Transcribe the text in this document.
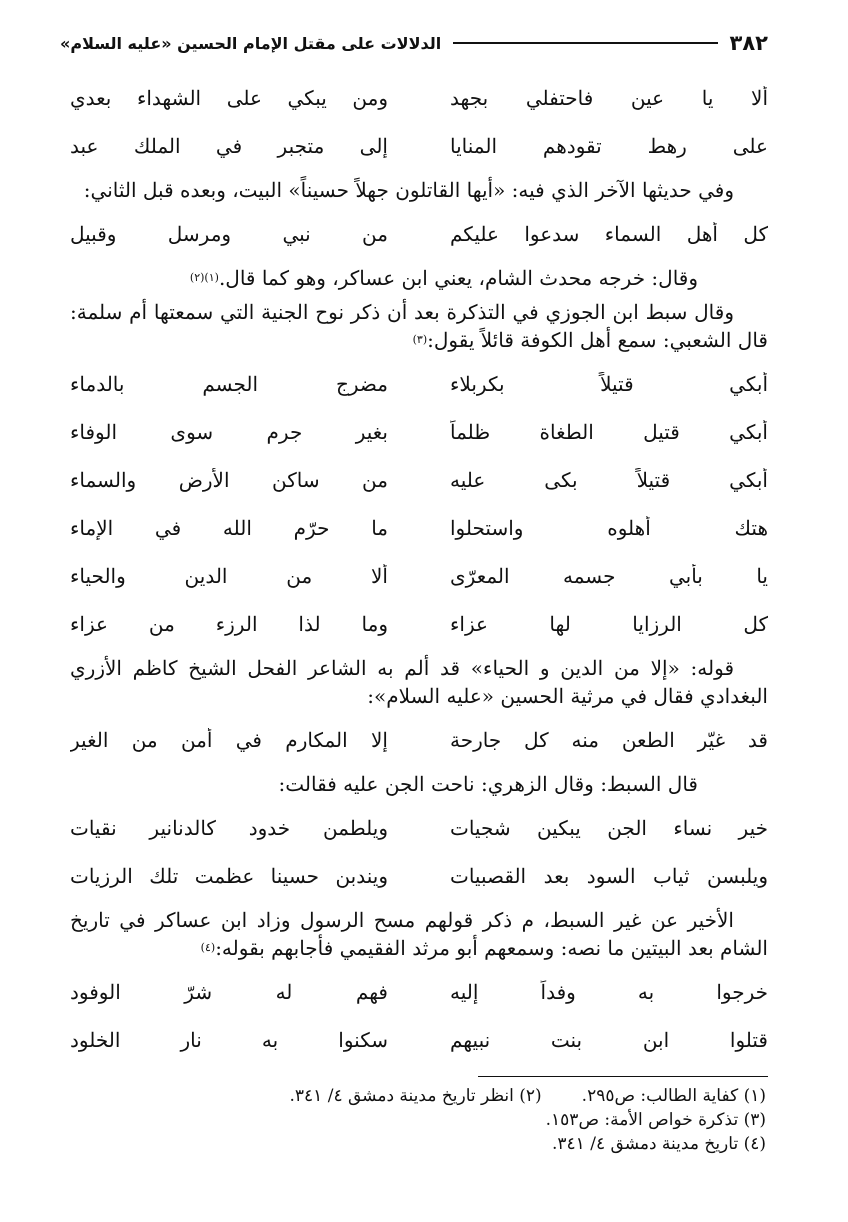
٣٨٢
الدلالات على مقتل الإمام الحسين «عليه السلام»
ألا يا عين فاحتفلي بجهد
ومن يبكي على الشهداء بعدي
على رهط تقودهم المنايا
إلى متجبر في الملك عبد
وفي حديثها الآخر الذي فيه: «أيها القاتلون جهلاً حسيناً» البيت، وبعده قبل الثاني:
كل أهل السماء سدعوا عليكم
من نبي ومرسل وقبيل
وقال: خرجه محدث الشام، يعني ابن عساكر، وهو كما قال.$^{(١)(٢)}$
وقال سبط ابن الجوزي في التذكرة بعد أن ذكر نوح الجنية التي سمعتها أم سلمة: قال الشعبي: سمع أهل الكوفة قائلاً يقول:$^{(٣)}$
أبكي قتيلاً بكربلاء
مضرج الجسم بالدماء
أبكي قتيل الطغاة ظلماً
بغير جرم سوى الوفاء
أبكي قتيلاً بكى عليه
من ساكن الأرض والسماء
هتك أهلوه واستحلوا
ما حرّم الله في الإماء
يا بأبي جسمه المعرّى
ألا من الدين والحياء
كل الرزايا لها عزاء
وما لذا الرزء من عزاء
قوله: «إلا من الدين و الحياء» قد ألم به الشاعر الفحل الشيخ كاظم الأزري البغدادي فقال في مرثية الحسين «عليه السلام»:
قد غيّر الطعن منه كل جارحة
إلا المكارم في أمن من الغير
قال السبط: وقال الزهري: ناحت الجن عليه فقالت:
خير نساء الجن يبكين شجيات
ويلطمن خدود كالدنانير نقيات
ويلبسن ثياب السود بعد القصبيات
ويندبن حسينا عظمت تلك الرزيات
الأخير عن غير السبط، م ذكر قولهم مسح الرسول وزاد ابن عساكر في تاريخ الشام بعد البيتين ما نصه: وسمعهم أبو مرثد الفقيمي فأجابهم بقوله:$^{(٤)}$
خرجوا به وفداً إليه
فهم له شرّ الوفود
قتلوا ابن بنت نبيهم
سكنوا به نار الخلود
(١) كفاية الطالب: ص٢٩٥.
(٢) انظر تاريخ مدينة دمشق ٤/ ٣٤١.
(٣) تذكرة خواص الأمة: ص١٥٣.
(٤) تاريخ مدينة دمشق ٤/ ٣٤١.
